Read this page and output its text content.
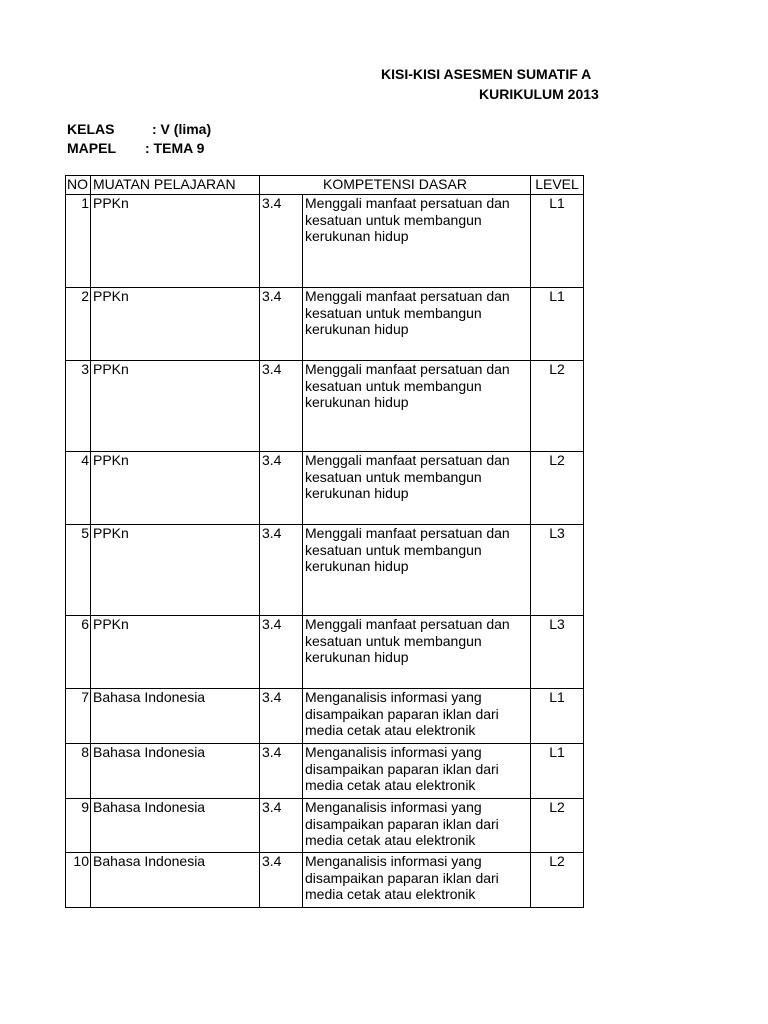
KISI-KISI ASESMEN SUMATIF A
KURIKULUM 2013
KELAS	: V (lima)
MAPEL : TEMA 9
NO	MUATAN PELAJARAN	KOMPETENSI DASAR		LEVEL
1	PPKn	3.4	Menggali manfaat persatuan dan kesatuan untuk membangun kerukunan hidup	L1
2	PPKn	3.4	Menggali manfaat persatuan dan kesatuan untuk membangun kerukunan hidup	L1
3	PPKn	3.4	Menggali manfaat persatuan dan kesatuan untuk membangun kerukunan hidup	L2
4	PPKn	3.4	Menggali manfaat persatuan dan kesatuan untuk membangun kerukunan hidup	L2
5	PPKn	3.4	Menggali manfaat persatuan dan kesatuan untuk membangun kerukunan hidup	L3
6	PPKn	3.4	Menggali manfaat persatuan dan kesatuan untuk membangun kerukunan hidup	L3
7	Bahasa Indonesia	3.4	Menganalisis informasi yang disampaikan paparan iklan dari media cetak atau elektronik	L1
8	Bahasa Indonesia	3.4	Menganalisis informasi yang disampaikan paparan iklan dari media cetak atau elektronik	L1
9	Bahasa Indonesia	3.4	Menganalisis informasi yang disampaikan paparan iklan dari media cetak atau elektronik	L2
10	Bahasa Indonesia	3.4	Menganalisis informasi yang disampaikan paparan iklan dari media cetak atau elektronik	L2
